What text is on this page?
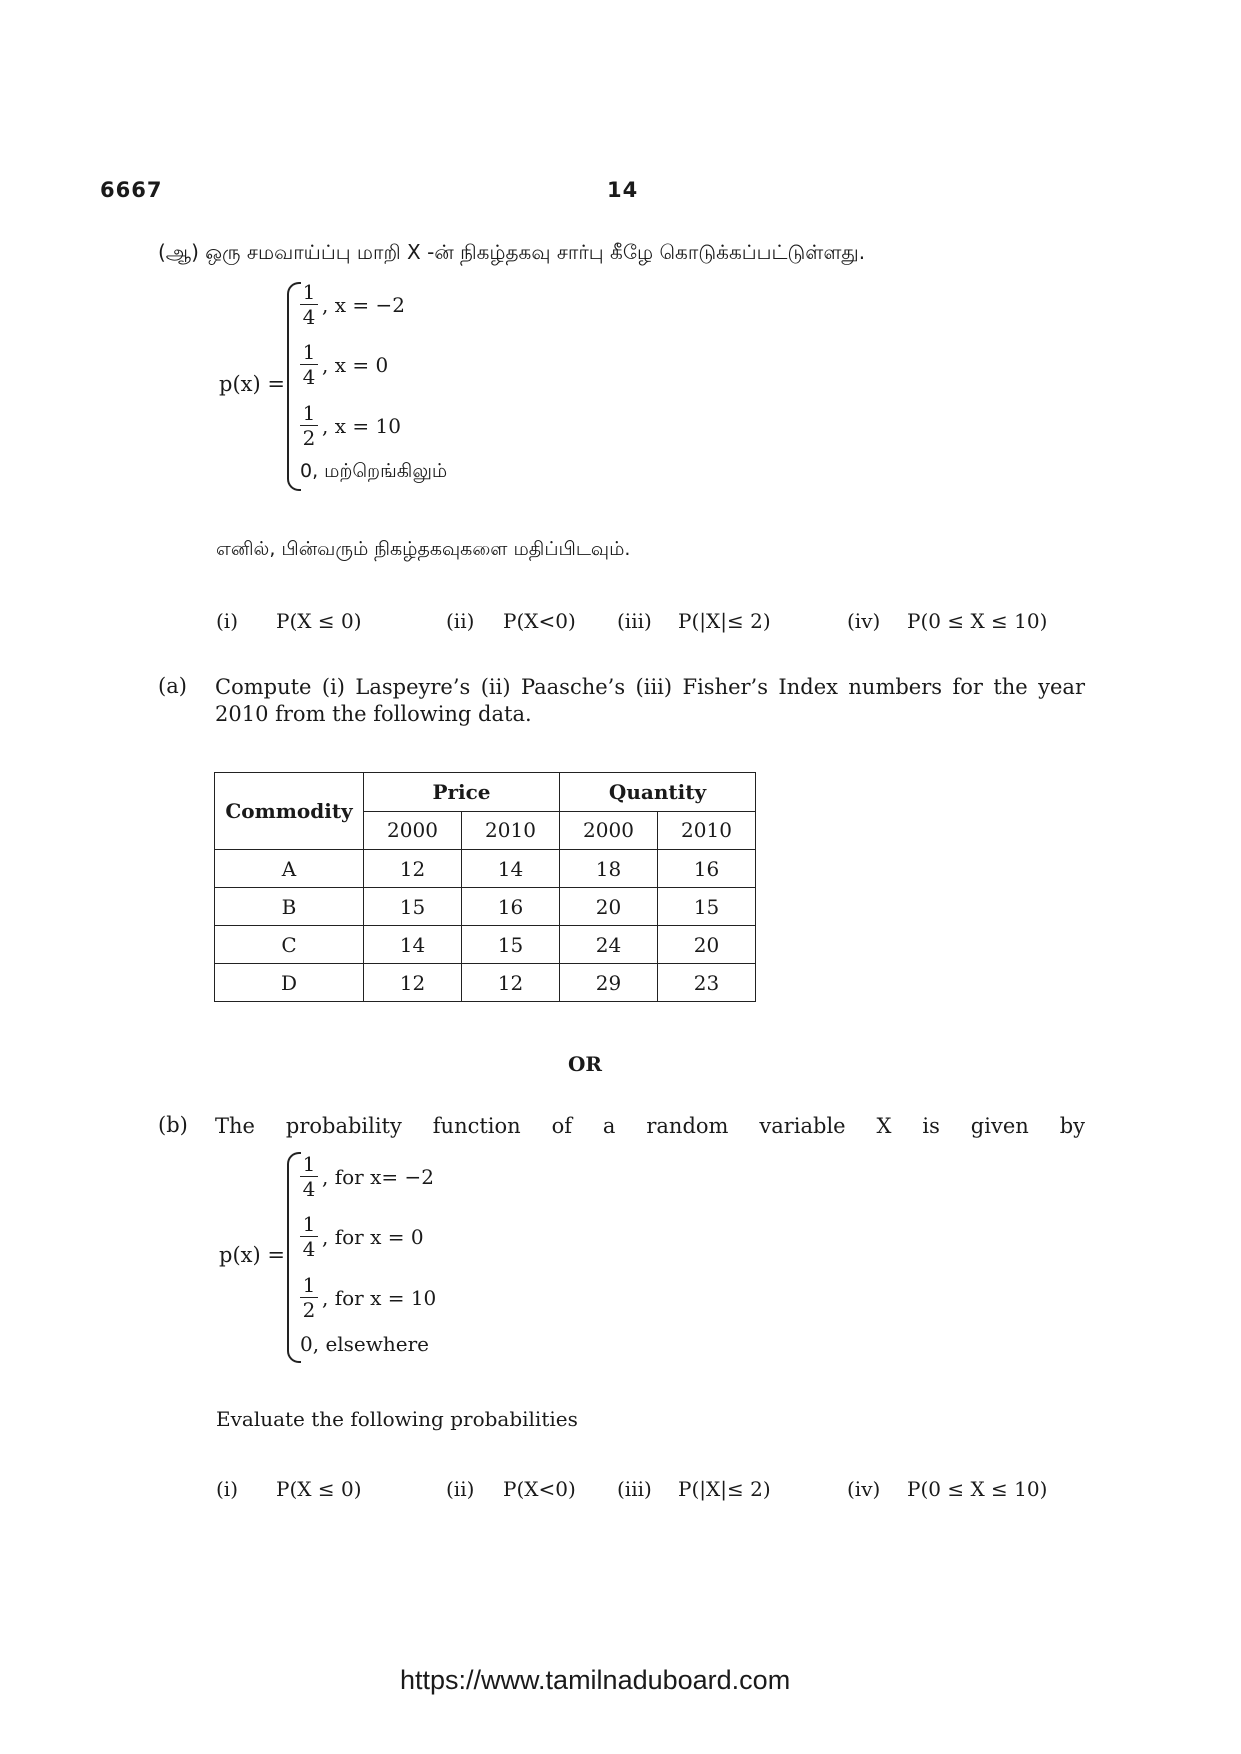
6667	14
(ஆ) ஒரு சமவாய்ப்பு மாறி X -ன் நிகழ்தகவு சார்பு கீழே கொடுக்கப்பட்டுள்ளது.
p(x) =
$\frac{1}{4}$ , x = −2
$\frac{1}{4}$ , x = 0
$\frac{1}{2}$ , x = 10
0, மற்றெங்கிலும்
எனில், பின்வரும் நிகழ்தகவுகளை மதிப்பிடவும்.
(i) P(X ≤ 0)	(ii) P(X<0) (iii) P(|X|≤ 2)	(iv) P(0 ≤ X ≤ 10)
(a) Compute (i) Laspeyre’s (ii) Paasche’s (iii) Fisher’s Index numbers for the year 2010 from the following data.
Commodity	Price		Quantity	
	2000	2010	2000	2010
A	12	14	18	16
B	15	16	20	15
C	14	15	24	20
D	12	12	29	23
OR
(b) The probability function of a random variable X is given by
p(x) =
$\frac{1}{4}$ , for x= −2
$\frac{1}{4}$ , for x = 0
$\frac{1}{2}$ , for x = 10
0, elsewhere
Evaluate the following probabilities
(i) P(X ≤ 0)	(ii) P(X<0) (iii) P(|X|≤ 2)	(iv) P(0 ≤ X ≤ 10)
https://www.tamilnaduboard.com
